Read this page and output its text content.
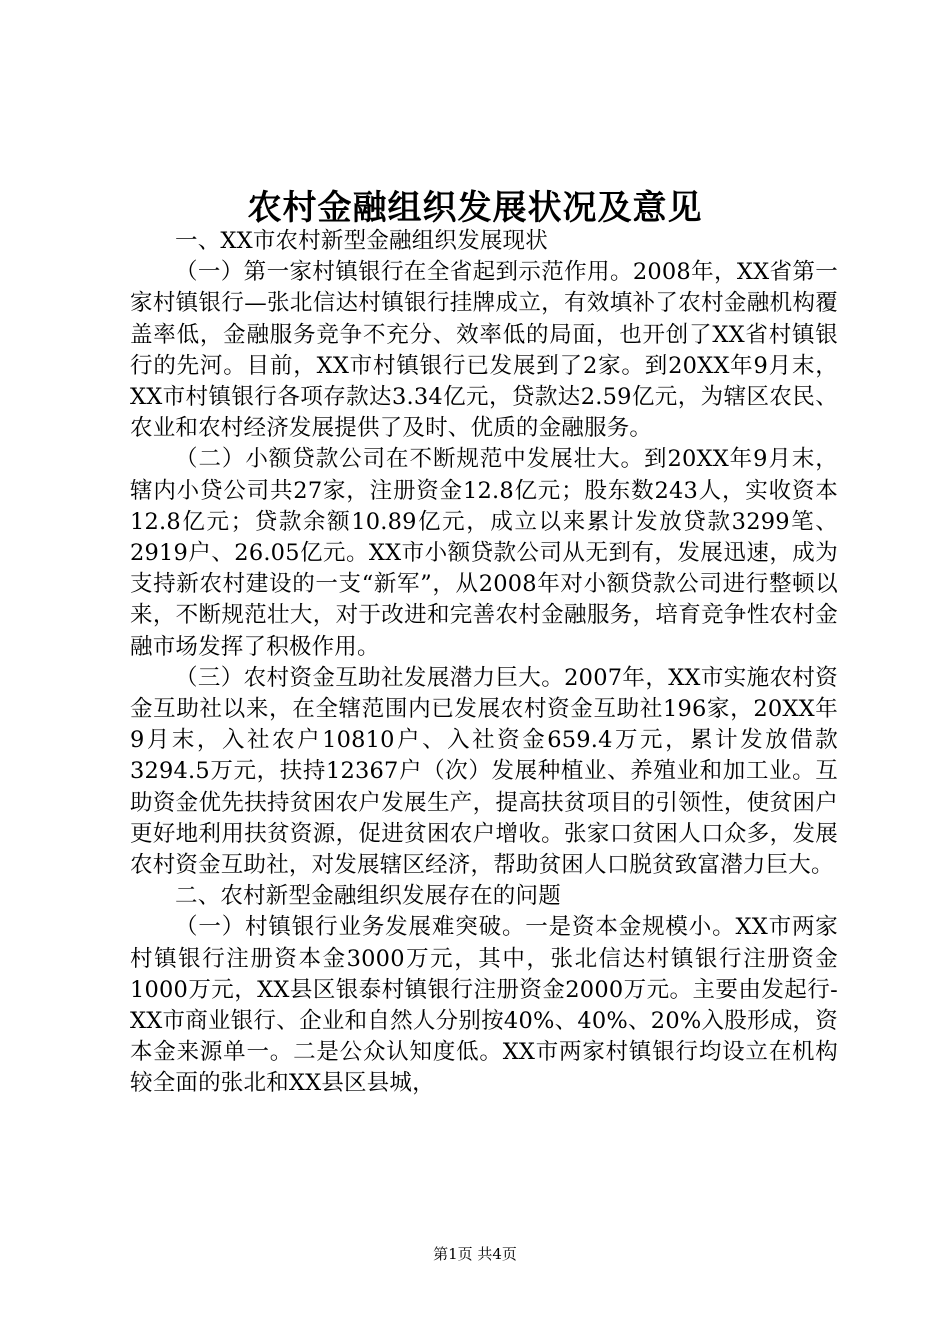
农村金融组织发展状况及意见

一、XX市农村新型金融组织发展现状

（一）第一家村镇银行在全省起到示范作用。2008年，XX省第一家村镇银行—张北信达村镇银行挂牌成立，有效填补了农村金融机构覆盖率低，金融服务竞争不充分、效率低的局面，也开创了XX省村镇银行的先河。目前，XX市村镇银行已发展到了2家。到20XX年9月末，XX市村镇银行各项存款达3.34亿元，贷款达2.59亿元，为辖区农民、农业和农村经济发展提供了及时、优质的金融服务。

（二）小额贷款公司在不断规范中发展壮大。到20XX年9月末，辖内小贷公司共27家，注册资金12.8亿元；股东数243人，实收资本12.8亿元；贷款余额10.89亿元，成立以来累计发放贷款3299笔、2919户、26.05亿元。XX市小额贷款公司从无到有，发展迅速，成为支持新农村建设的一支“新军”，从2008年对小额贷款公司进行整顿以来，不断规范壮大，对于改进和完善农村金融服务，培育竞争性农村金融市场发挥了积极作用。

（三）农村资金互助社发展潜力巨大。2007年，XX市实施农村资金互助社以来，在全辖范围内已发展农村资金互助社196家，20XX年9月末，入社农户10810户、入社资金659.4万元，累计发放借款3294.5万元，扶持12367户（次）发展种植业、养殖业和加工业。互助资金优先扶持贫困农户发展生产，提高扶贫项目的引领性，使贫困户更好地利用扶贫资源，促进贫困农户增收。张家口贫困人口众多，发展农村资金互助社，对发展辖区经济，帮助贫困人口脱贫致富潜力巨大。

二、农村新型金融组织发展存在的问题

（一）村镇银行业务发展难突破。一是资本金规模小。XX市两家村镇银行注册资本金3000万元，其中，张北信达村镇银行注册资金1000万元，XX县区银泰村镇银行注册资金2000万元。主要由发起行-XX市商业银行、企业和自然人分别按40%、40%、20%入股形成，资本金来源单一。二是公众认知度低。XX市两家村镇银行均设立在机构较全面的张北和XX县区县城，

第1页 共4页
